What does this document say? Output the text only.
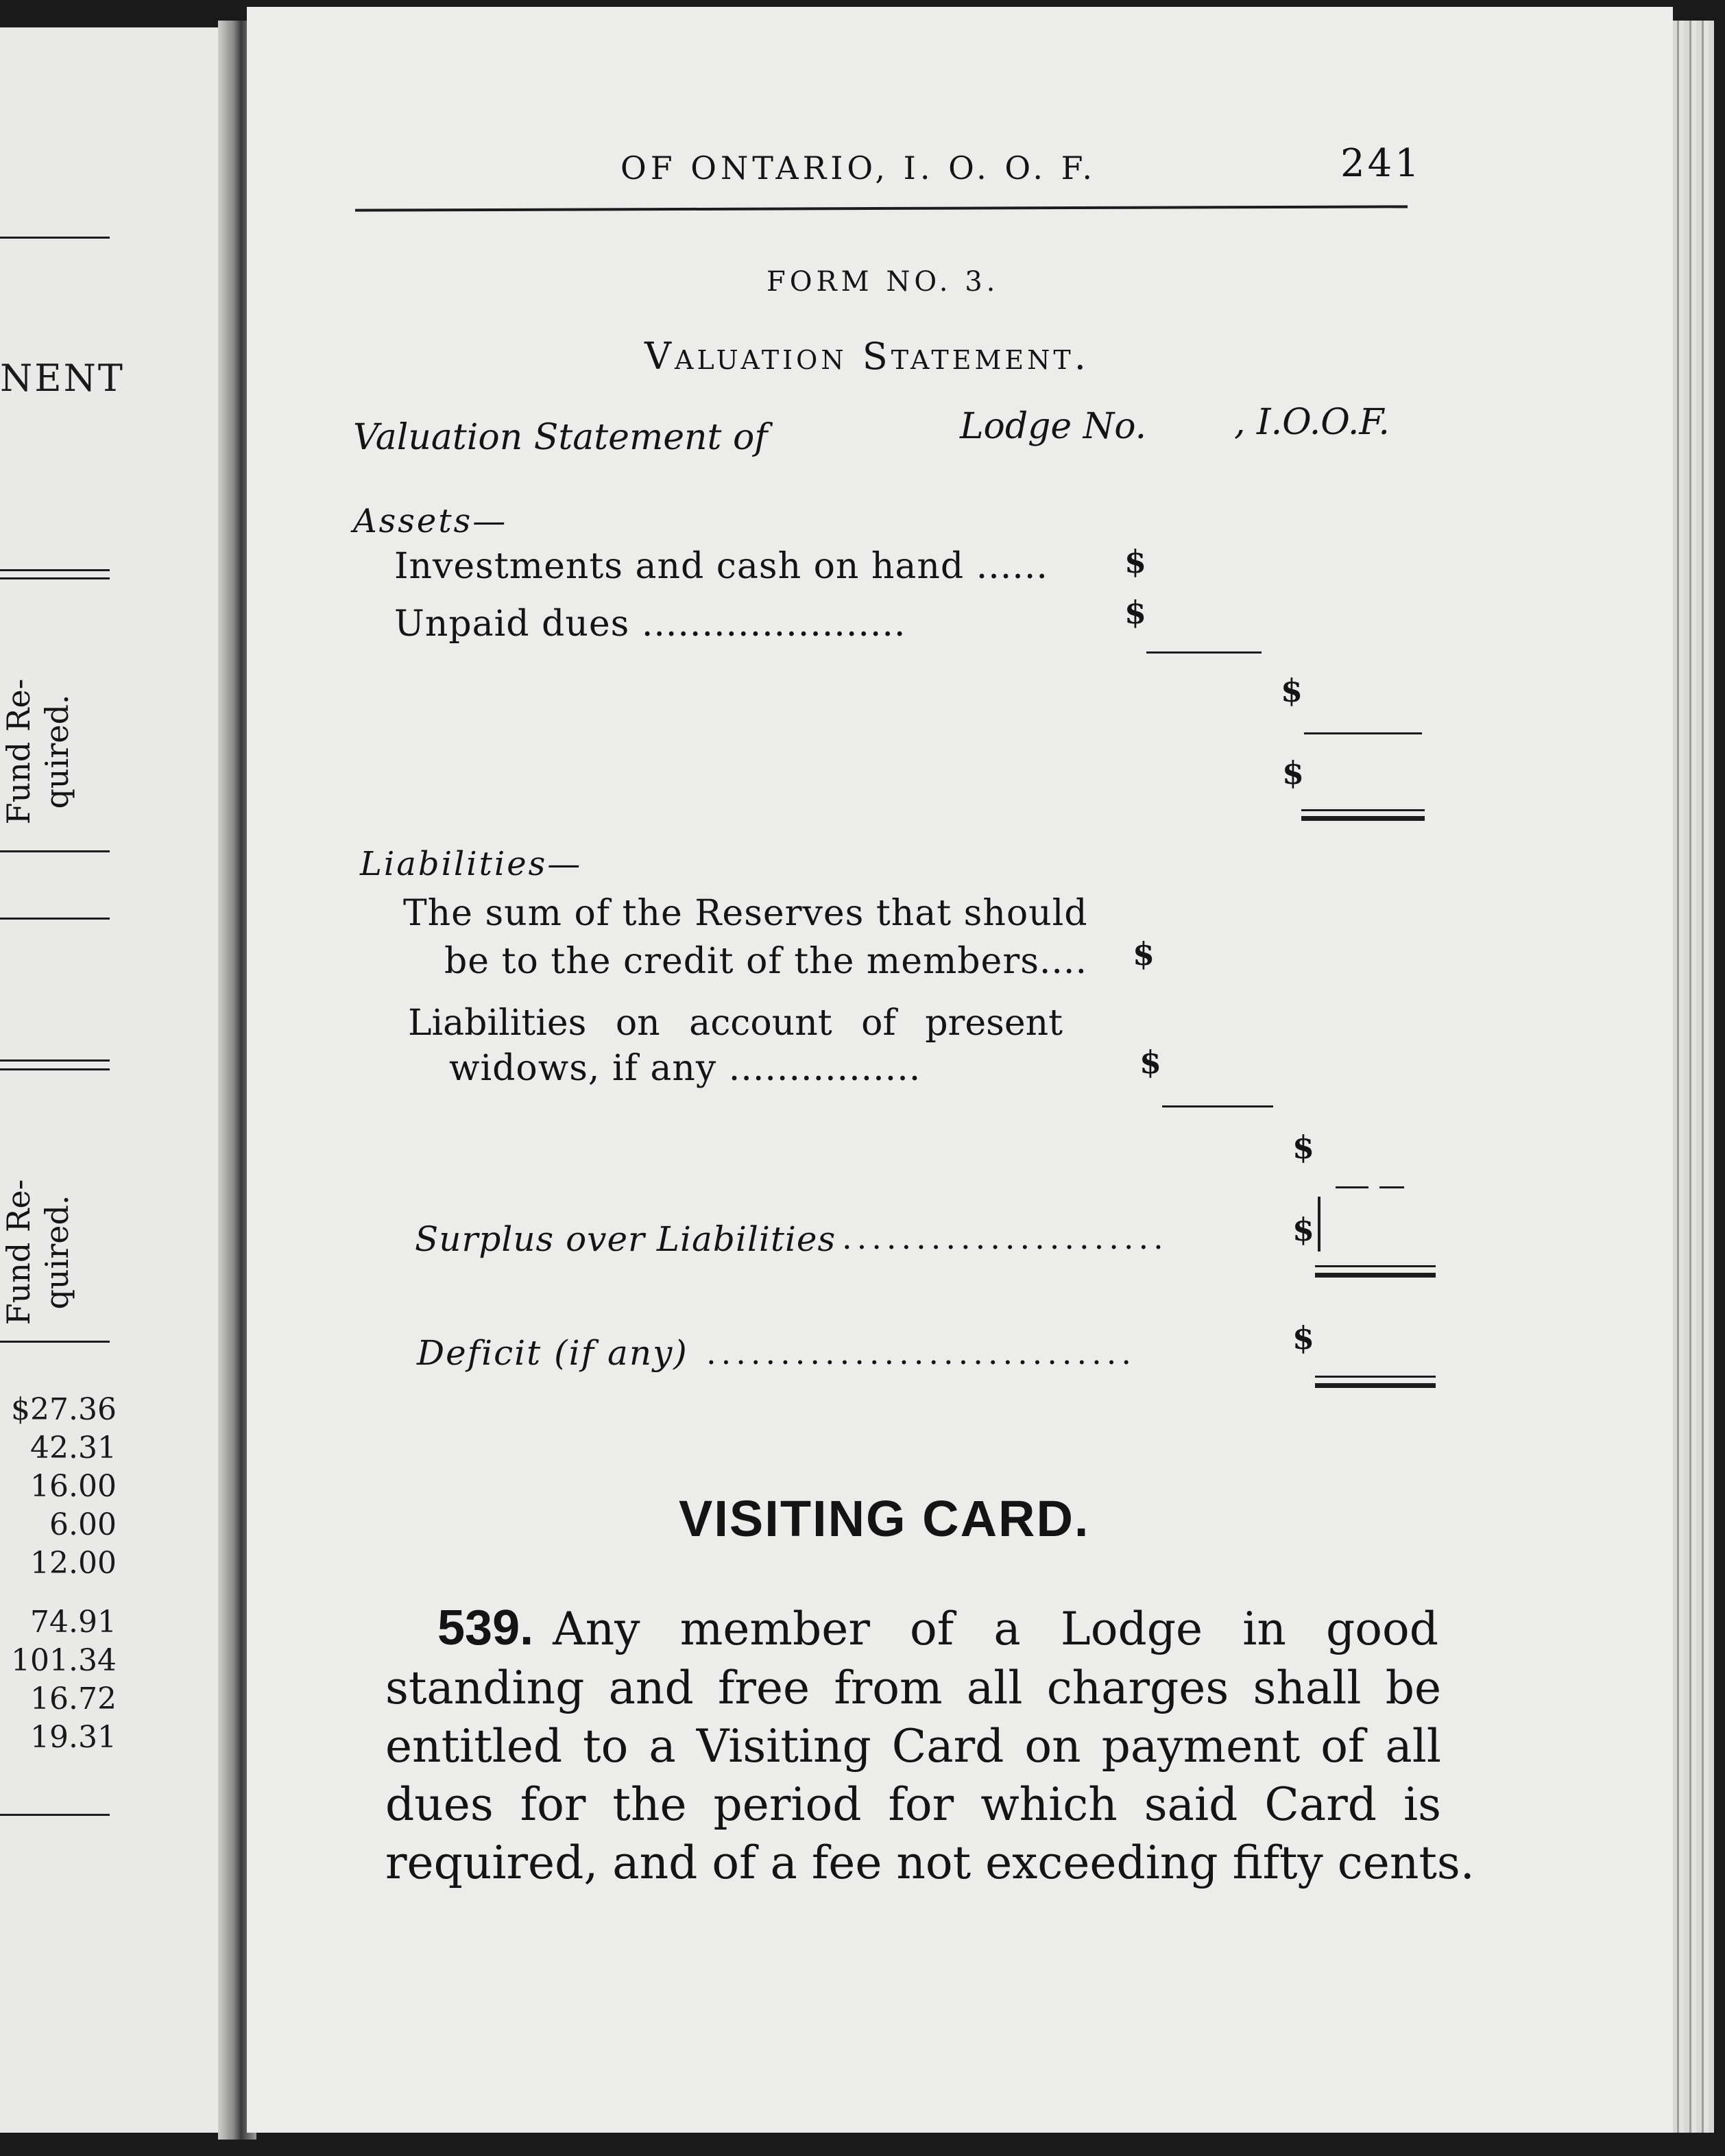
NENT
Fund Re- quired.
Fund Re- quired.
$27.36
42.31
16.00
6.00
12.00
74.91
101.34
16.72
19.31
OF ONTARIO, I. O. O. F.	241
FORM NO. 3.
Valuation Statement.
Valuation Statement of	Lodge No. , I.O.O.F.
Assets—
Investments and cash on hand ...... $
Unpaid dues ......................	$
$
$
Liabilities—
The sum of the Reserves that should
be to the credit of the members.... $
Liabilities on account of present
widows, if any ................	$
$
Surplus over Liabilities ......................	$
Deficit (if any) .............................	$
VISITING CARD.
539. Any member of a Lodge in good
standing and free from all charges shall be
entitled to a Visiting Card on payment of all
dues for the period for which said Card is
required, and of a fee not exceeding fifty cents.
